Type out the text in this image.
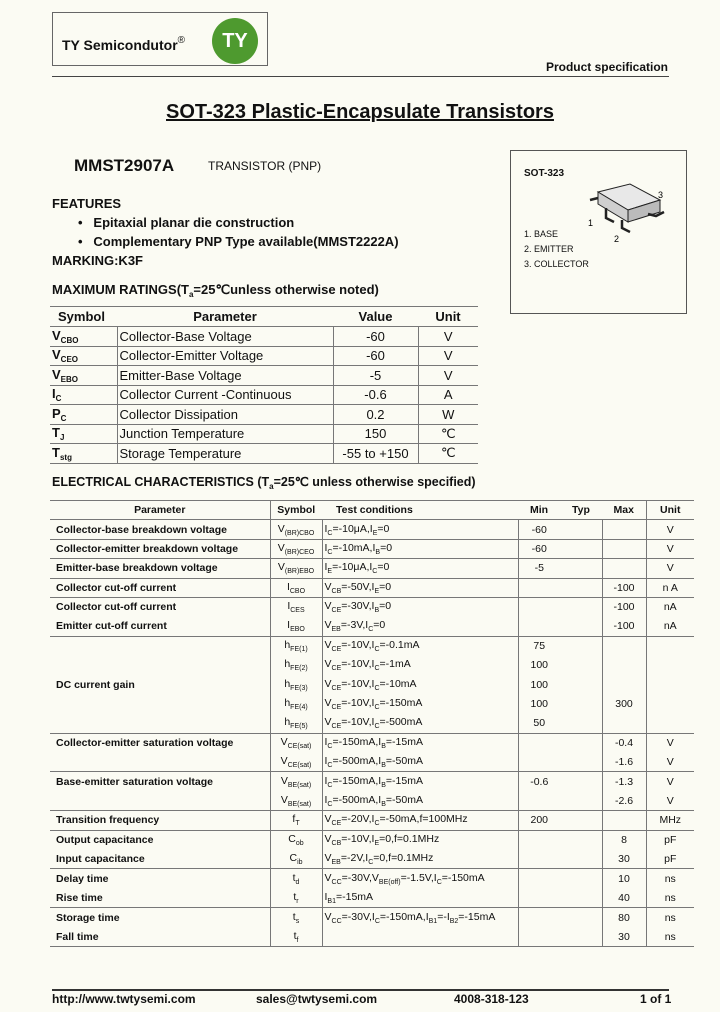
TY Semicondutor®	TY
Product specification
SOT-323 Plastic-Encapsulate Transistors
MMST2907A	TRANSISTOR (PNP)
SOT-323
1
2
3
1. BASE
2. EMITTER
3. COLLECTOR
FEATURES
• Epitaxial planar die construction
• Complementary PNP Type available(MMST2222A)
MARKING:K3F
MAXIMUM $RATINGS(T_a=25℃unless$ otherwise noted)
Symbol	Parameter	Value	Unit
$V_{CBO}$	Collector-Base Voltage	-60	V
$V_{CEO}$	Collector-Emitter Voltage	-60	V
$V_{EBO}$	Emitter-Base Voltage	-5	V
$I_C$	Collector Current -Continuous	-0.6	A
$P_C$	Collector Dissipation	0.2	W
$T_J$	Junction Temperature	150	℃
$T_{stg}$	Storage Temperature	-55 to +150	℃
ELECTRICAL CHARACTERISTICS ($T_a=25℃$ unless otherwise specified)
Parameter	Symbol	Test conditions	Min	Typ	Max	Unit
Collector-base breakdown voltage	$V_{(BR)CBO}$	$I_C=-10\mu A,I_E=0$	-60			V
Collector-emitter breakdown voltage	$V_{(BR)CEO}$	$I_C=-10mA,I_B=0$	-60			V
Emitter-base breakdown voltage	$V_{(BR)EBO}$	$I_E=-10\mu A,I_C=0$	-5			V
Collector cut-off current	$I_{CBO}$	$V_{CB}=-50V,I_E=0$			-100	n A
Collector cut-off current	$I_{CES}$	$V_{CE}=-30V,I_B=0$			-100	nA
Emitter cut-off current	$I_{EBO}$	$V_{EB}=-3V,I_C=0$			-100	nA
	$h_{FE(1)}$	$V_{CE}=-10V,I_C=-0.1mA$	75			
	$h_{FE(2)}$	$V_{CE}=-10V,I_C=-1mA$	100			
DC current gain	$h_{FE(3)}$	$V_{CE}=-10V,I_C=-10mA$	100			
	$h_{FE(4)}$	$V_{CE}=-10V,I_C=-150mA$	100		300	
	$h_{FE(5)}$	$V_{CE}=-10V,I_C=-500mA$	50			
Collector-emitter saturation voltage	$V_{CE(sat)}$	$I_C=-150mA,I_B=-15mA$			-0.4	V
	$V_{CE(sat)}$	$I_C=-500mA,I_B=-50mA$			-1.6	V
Base-emitter saturation voltage	$V_{BE(sat)}$	$I_C=-150mA,I_B=-15mA$	-0.6		-1.3	V
	$V_{BE(sat)}$	$I_C=-500mA,I_B=-50mA$			-2.6	V
Transition frequency	$f_T$	$V_{CE}=-20V,I_C=-50mA,f=100MHz$	200			MHz
Output capacitance	$C_{ob}$	$V_{CB}=-10V,I_E=0,f=0.1MHz$			8	pF
Input capacitance	$C_{ib}$	$V_{EB}=-2V,I_C=0,f=0.1MHz$			30	pF
Delay time	$t_d$	$V_{CC}=-30V,V_{BE(off)}=-1.5V,I_C=-150mA$			10	ns
Rise time	$t_r$	$I_{B1}=-15mA$			40	ns
Storage time	$t_s$	$V_{CC}=-30V,I_C=-150mA,I_{B1}=-I_{B2}=-15mA$			80	ns
Fall time	$t_f$				30	ns
http://www.twtysemi.com	sales@twtysemi.com	4008-318-123	1 of 1
